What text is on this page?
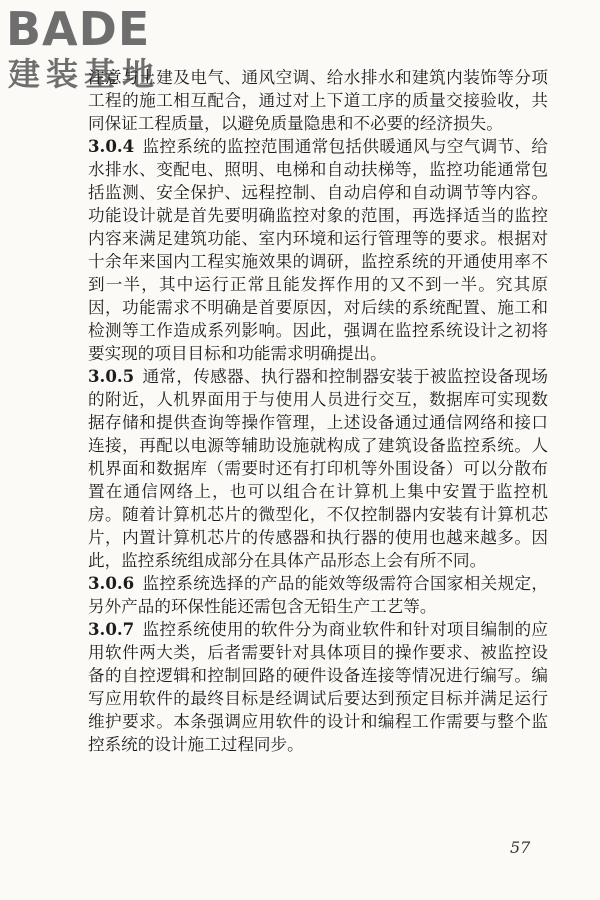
BADE
建装基地

注意与土建及电气、通风空调、给水排水和建筑内装饰等分项工程的施工相互配合，通过对上下道工序的质量交接验收，共同保证工程质量，以避免质量隐患和不必要的经济损失。

3.0.4 监控系统的监控范围通常包括供暖通风与空气调节、给水排水、变配电、照明、电梯和自动扶梯等，监控功能通常包括监测、安全保护、远程控制、自动启停和自动调节等内容。功能设计就是首先要明确监控对象的范围，再选择适当的监控内容来满足建筑功能、室内环境和运行管理等的要求。根据对十余年来国内工程实施效果的调研，监控系统的开通使用率不到一半，其中运行正常且能发挥作用的又不到一半。究其原因，功能需求不明确是首要原因，对后续的系统配置、施工和检测等工作造成系列影响。因此，强调在监控系统设计之初将要实现的项目目标和功能需求明确提出。

3.0.5 通常，传感器、执行器和控制器安装于被监控设备现场的附近，人机界面用于与使用人员进行交互，数据库可实现数据存储和提供查询等操作管理，上述设备通过通信网络和接口连接，再配以电源等辅助设施就构成了建筑设备监控系统。人机界面和数据库（需要时还有打印机等外围设备）可以分散布置在通信网络上，也可以组合在计算机上集中安置于监控机房。随着计算机芯片的微型化，不仅控制器内安装有计算机芯片，内置计算机芯片的传感器和执行器的使用也越来越多。因此，监控系统组成部分在具体产品形态上会有所不同。

3.0.6 监控系统选择的产品的能效等级需符合国家相关规定，另外产品的环保性能还需包含无铅生产工艺等。

3.0.7 监控系统使用的软件分为商业软件和针对项目编制的应用软件两大类，后者需要针对具体项目的操作要求、被监控设备的自控逻辑和控制回路的硬件设备连接等情况进行编写。编写应用软件的最终目标是经调试后要达到预定目标并满足运行维护要求。本条强调应用软件的设计和编程工作需要与整个监控系统的设计施工过程同步。

57
